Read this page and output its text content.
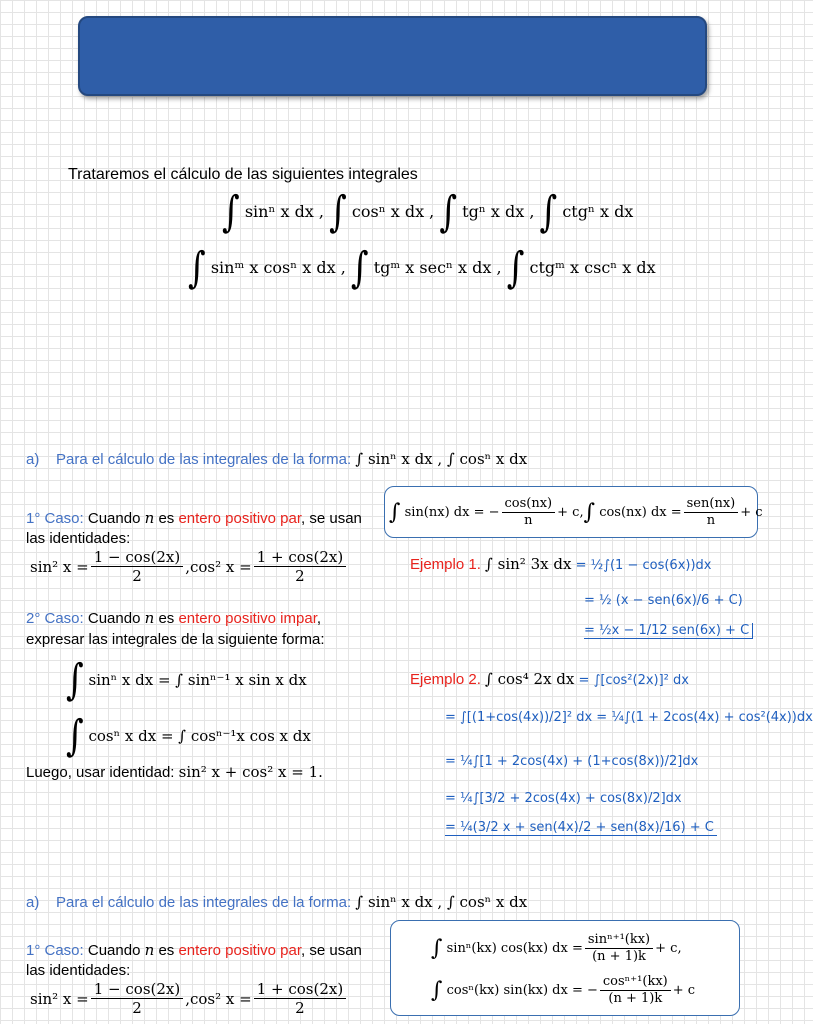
Trataremos el cálculo de las siguientes integrales
∫ sinⁿ x dx , ∫ cosⁿ x dx , ∫ tgⁿ x dx , ∫ ctgⁿ x dx
∫ sinᵐ x cosⁿ x dx , ∫ tgᵐ x secⁿ x dx , ∫ ctgᵐ x cscⁿ x dx
a) Para el cálculo de las integrales de la forma: ∫ sinⁿ x dx , ∫ cosⁿ x dx
∫
sin(nx) dx = − $\frac{\cos(nx)}{n} + c$, ∫
cos(nx) dx = $\frac{\text{sen(nx)}}{n} + c$
1° Caso: Cuando n es entero positivo par, se usan las identidades:
sin² $x = \frac{1 - \cos(2x)}{2} ,\cos^2$ $x = \frac{1 + \cos(2x)}{2}$
2° Caso: Cuando n es entero positivo impar, expresar las integrales de la siguiente forma:
∫ sinⁿ x dx = ∫ sinⁿ⁻¹ x sin x dx
∫ cosⁿ x dx = ∫ cosⁿ⁻¹x cos x dx
Luego, usar identidad: sin² x + cos² x = 1.
Ejemplo 1. ∫ sin² 3x dx = ½∫(1 − cos(6x))dx
= ½ (x − sen(6x)/6 + C)
= ½x − 1/12 sen(6x) + C
Ejemplo 2. ∫ cos⁴ 2x dx = ∫[cos²(2x)]² dx
= ∫[(1+cos(4x))/2]² dx = ¼∫(1 + 2cos(4x) + cos²(4x))dx
= ¼∫[1 + 2cos(4x) + (1+cos(8x))/2]dx
= ¼∫[3/2 + 2cos(4x) + cos(8x)/2]dx
= ¼(3/2 x + sen(4x)/2 + sen(8x)/16) + C
a) Para el cálculo de las integrales de la forma: ∫ sinⁿ x dx , ∫ cosⁿ x dx
1° Caso: Cuando n es entero positivo par, se usan las identidades:
sin² $x = \frac{1 - \cos(2x)}{2} ,\cos^2$ $x = \frac{1 + \cos(2x)}{2}$
∫
sinⁿ(kx) cos(kx) dx = $\frac{\text{sinⁿ⁺¹(kx)}}{(n + 1)k} + c$,
∫
cosⁿ(kx) sin(kx) dx = − $\frac{\text{cosⁿ⁺¹(kx)}}{(n + 1)k} + c$
